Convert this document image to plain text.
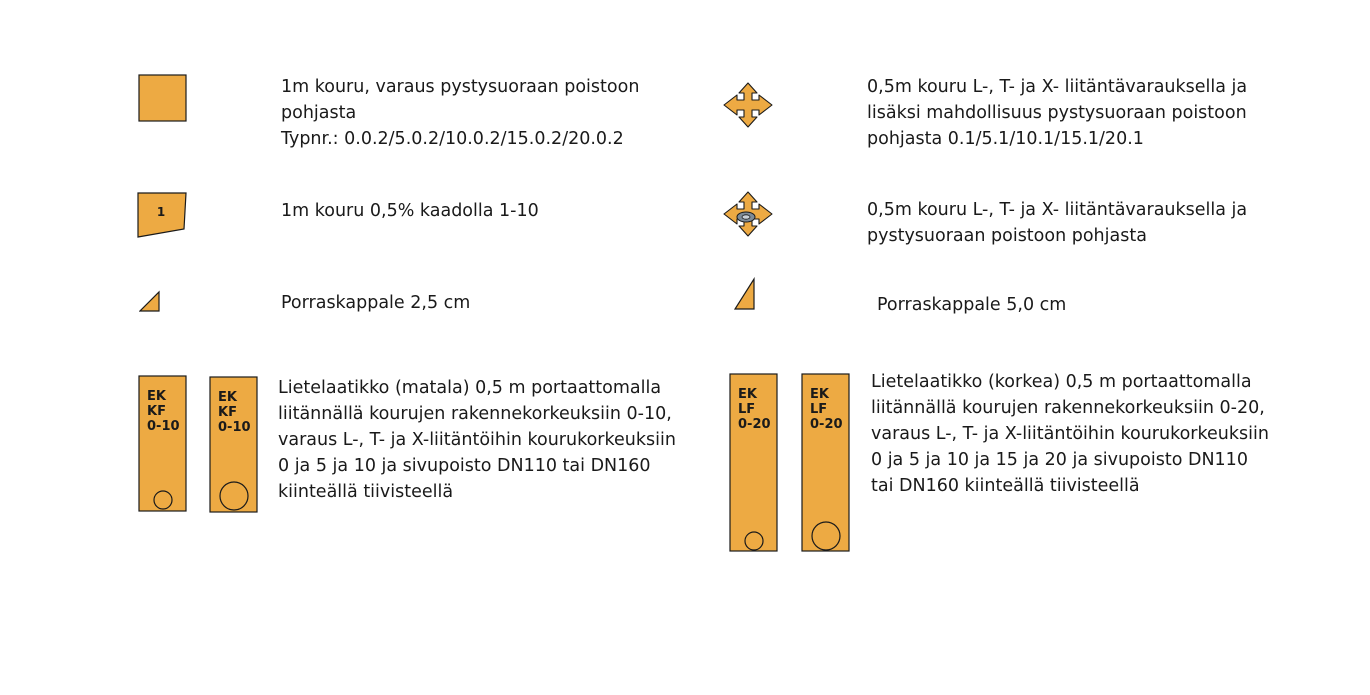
1m kouru, varaus pystysuoraan poistoon
pohjasta
Typnr.: 0.0.2/5.0.2/10.0.2/15.0.2/20.0.2
1	1m kouru 0,5% kaadolla 1-10
Porraskappale 2,5 cm
EK
KF
0-10
EK
KF
0-10
Lietelaatikko (matala) 0,5 m portaattomalla
liitännällä kourujen rakennekorkeuksiin 0-10,
varaus L-, T- ja X-liitäntöihin kourukorkeuksiin
0 ja 5 ja 10 ja sivupoisto DN110 tai DN160
kiinteällä tiivisteellä
0,5m kouru L-, T- ja X- liitäntävarauksella ja
lisäksi mahdollisuus pystysuoraan poistoon
pohjasta 0.1/5.1/10.1/15.1/20.1
0,5m kouru L-, T- ja X- liitäntävarauksella ja
pystysuoraan poistoon pohjasta
Porraskappale 5,0 cm
EK
LF
0-20
EK
LF
0-20
Lietelaatikko (korkea) 0,5 m portaattomalla
liitännällä kourujen rakennekorkeuksiin 0-20,
varaus L-, T- ja X-liitäntöihin kourukorkeuksiin
0 ja 5 ja 10 ja 15 ja 20 ja sivupoisto DN110
tai DN160 kiinteällä tiivisteellä
